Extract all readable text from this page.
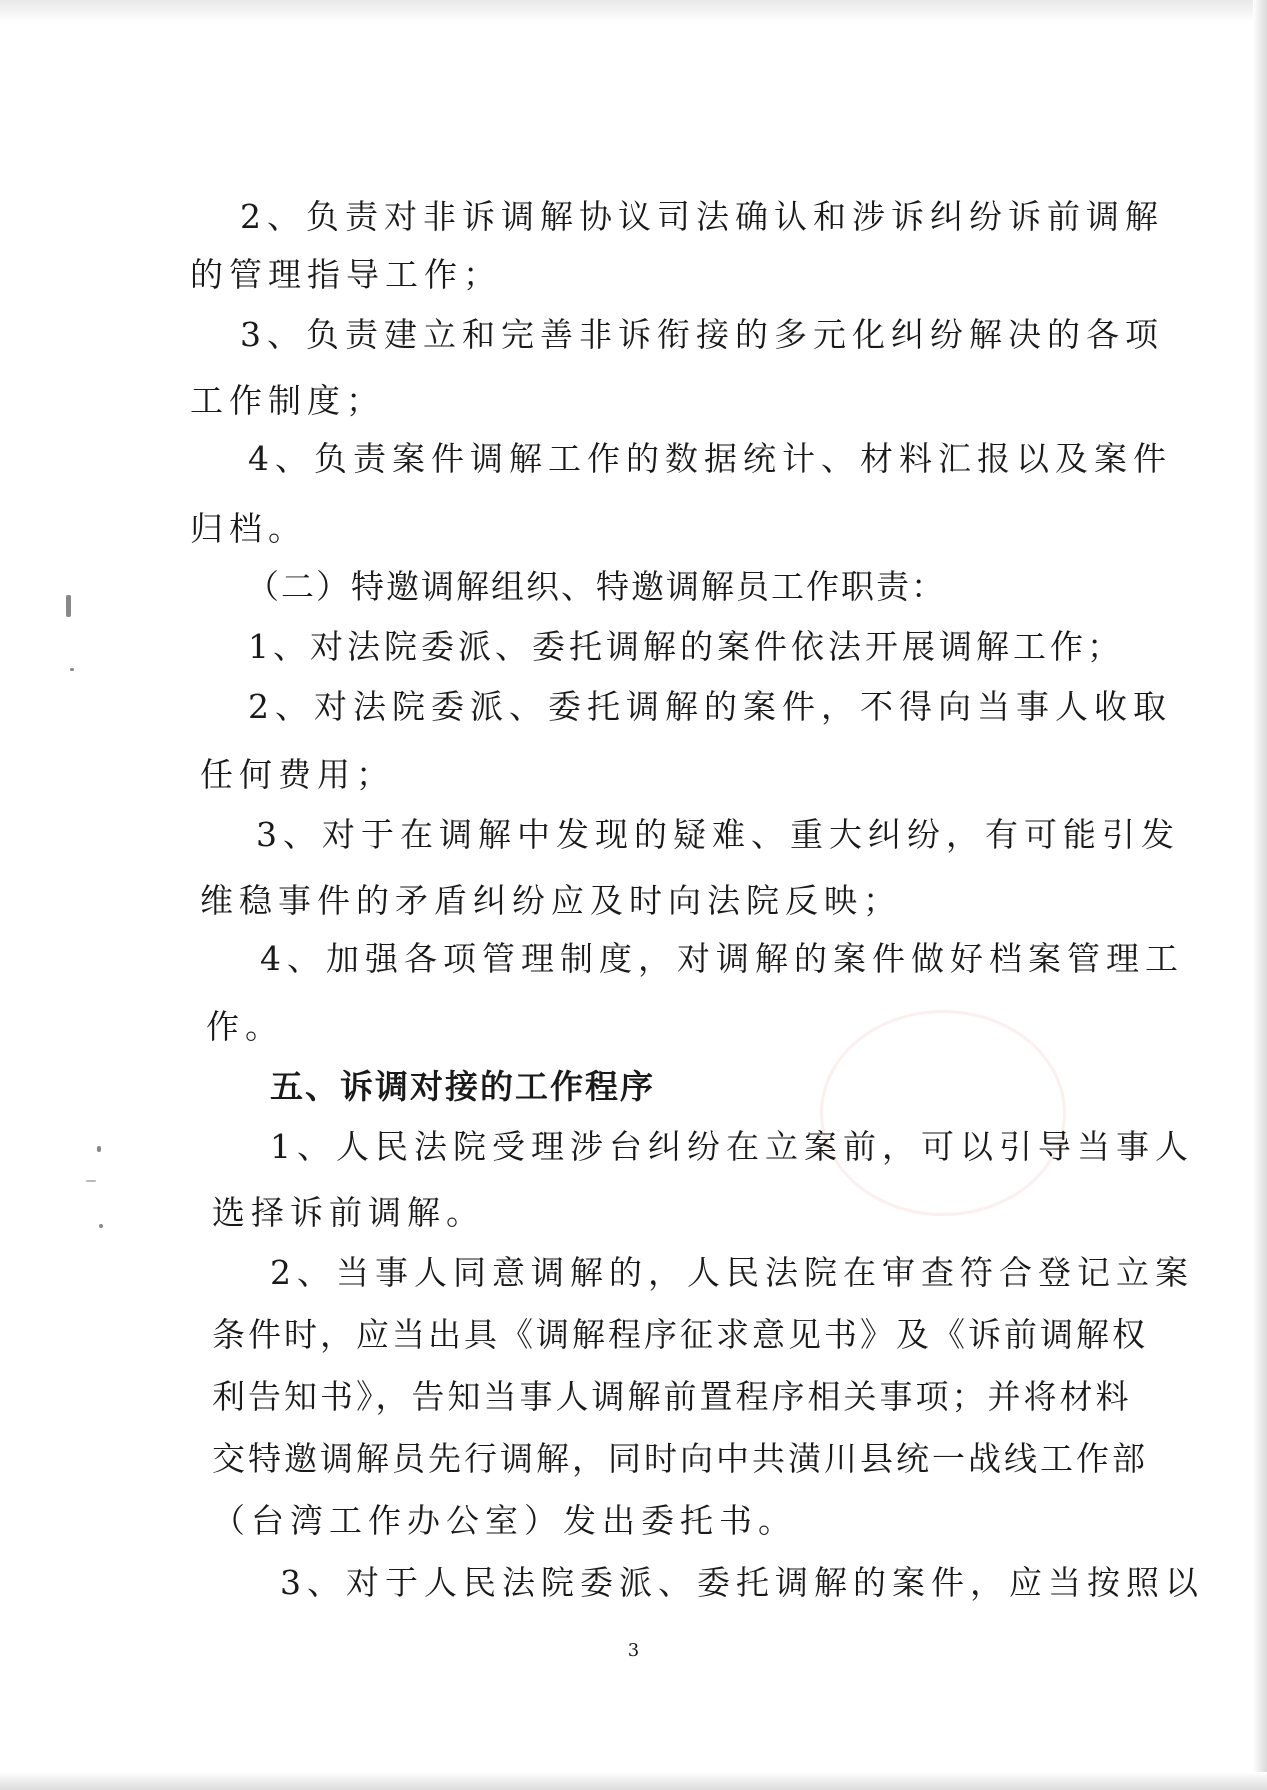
2、负责对非诉调解协议司法确认和涉诉纠纷诉前调解
的管理指导工作；
3、负责建立和完善非诉衔接的多元化纠纷解决的各项
工作制度；
4、负责案件调解工作的数据统计、材料汇报以及案件
归档。
（二）特邀调解组织、特邀调解员工作职责：
1、对法院委派、委托调解的案件依法开展调解工作；
2、对法院委派、委托调解的案件，不得向当事人收取
任何费用；
3、对于在调解中发现的疑难、重大纠纷，有可能引发
维稳事件的矛盾纠纷应及时向法院反映；
4、加强各项管理制度，对调解的案件做好档案管理工
作。
五、诉调对接的工作程序
1、人民法院受理涉台纠纷在立案前，可以引导当事人
选择诉前调解。
2、当事人同意调解的，人民法院在审查符合登记立案
条件时，应当出具《调解程序征求意见书》及《诉前调解权
利告知书》，告知当事人调解前置程序相关事项；并将材料
交特邀调解员先行调解，同时向中共潢川县统一战线工作部
（台湾工作办公室）发出委托书。
3、对于人民法院委派、委托调解的案件，应当按照以
3
